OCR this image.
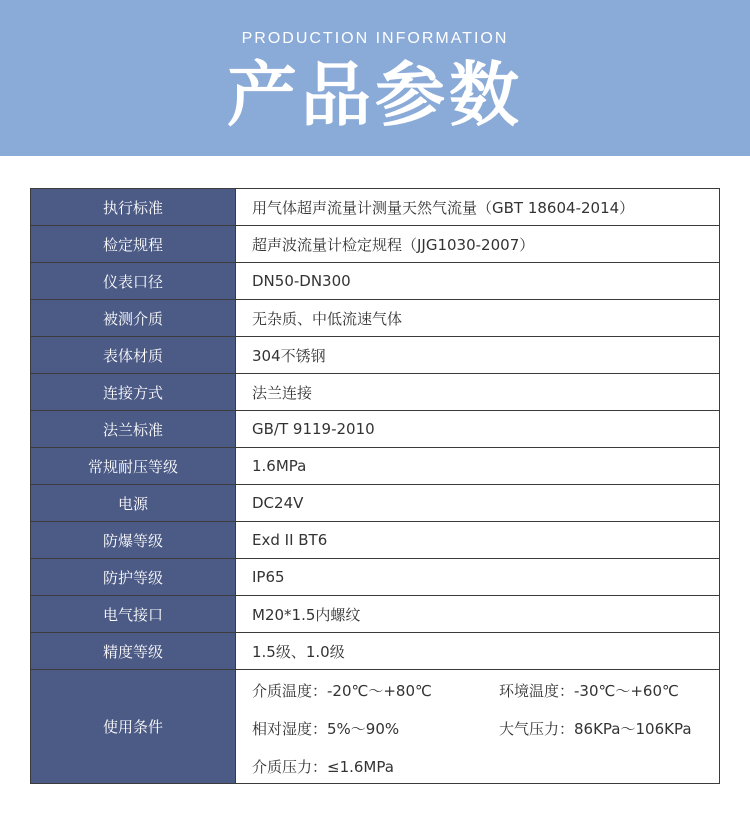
PRODUCTION INFORMATION
产品参数
执行标准	用气体超声流量计测量天然气流量（GBT 18604-2014）
检定规程	超声波流量计检定规程（JJG1030-2007）
仪表口径	DN50-DN300
被测介质	无杂质、中低流速气体
表体材质	304不锈钢
连接方式	法兰连接
法兰标准	GB/T 9119-2010
常规耐压等级	1.6MPa
电源	DC24V
防爆等级	Exd II BT6
防护等级	IP65
电气接口	M20*1.5内螺纹
精度等级	1.5级、1.0级
使用条件	介质温度：-20℃～+80℃ 环境温度：-30℃～+60℃
相对湿度：5%～90% 大气压力：86KPa～106KPa
介质压力：≤1.6MPa
